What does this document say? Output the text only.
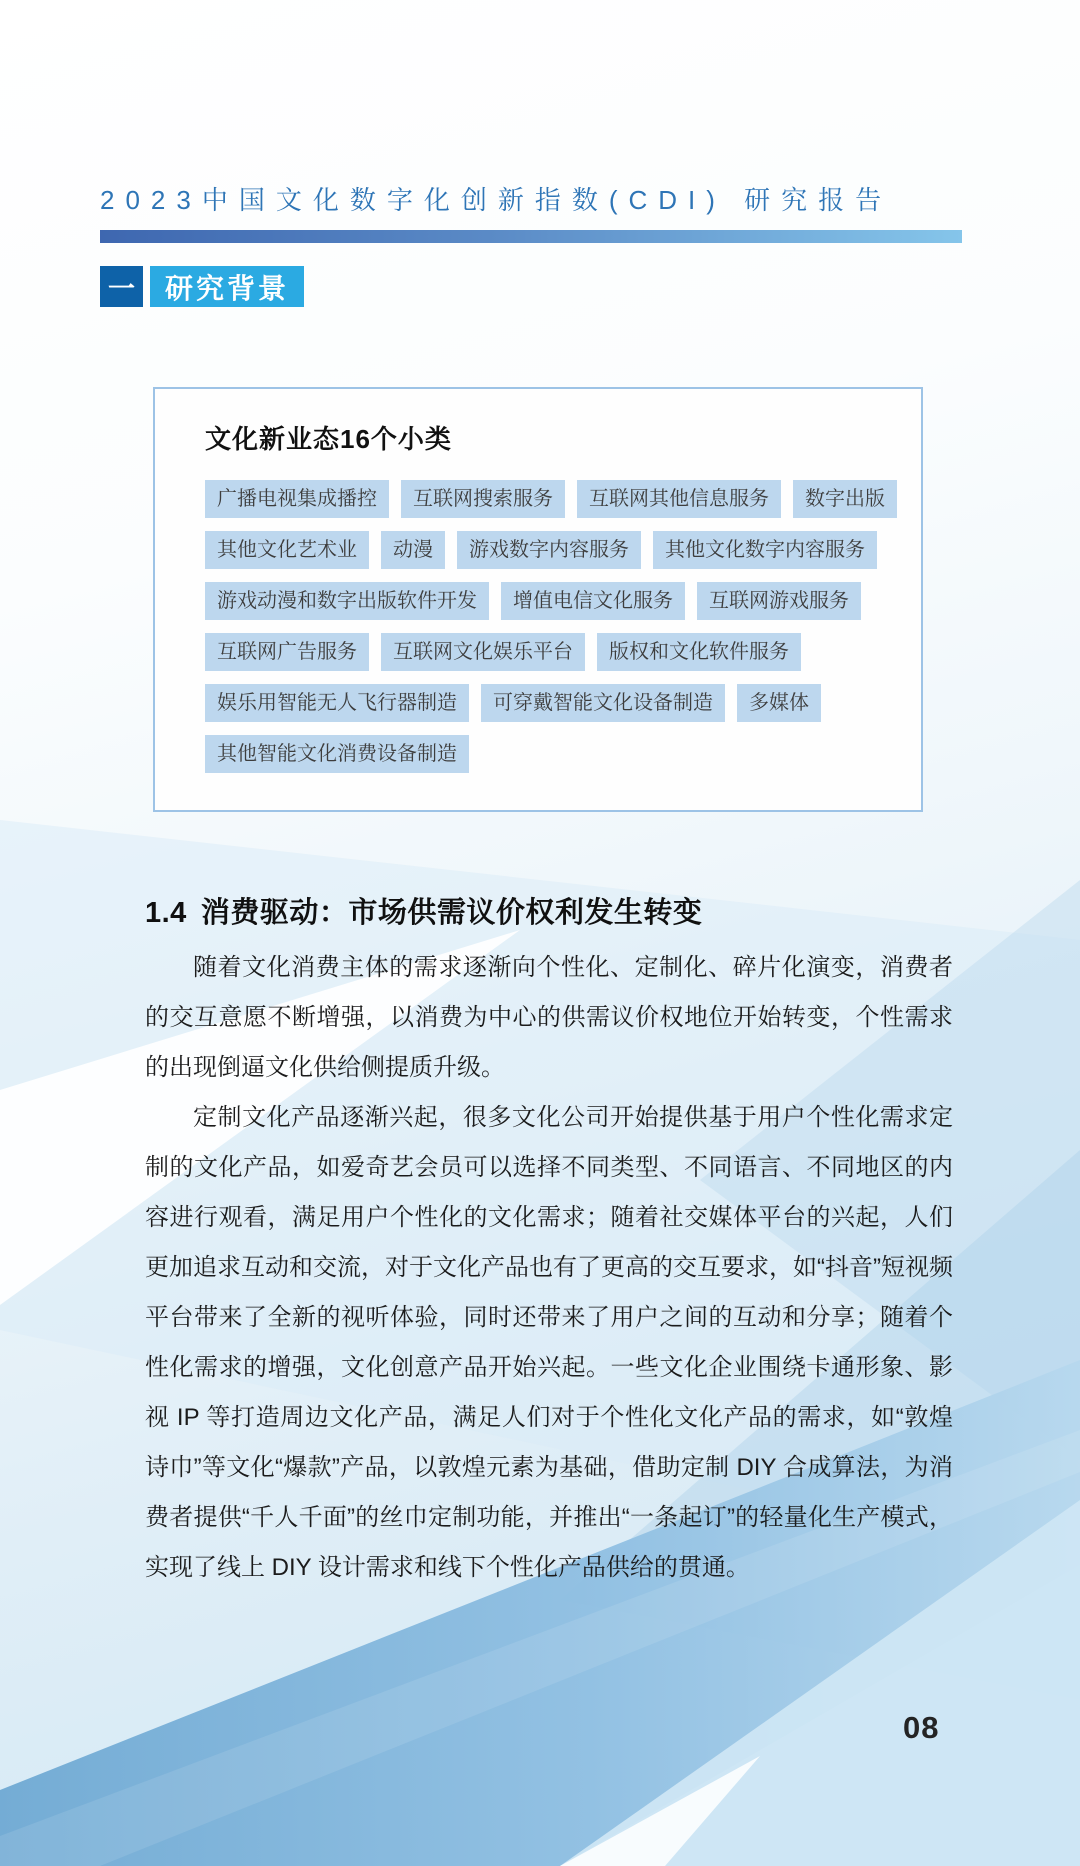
2023中国文化数字化创新指数(CDI) 研究报告
一	研究背景
文化新业态16个小类
广播电视集成播控	互联网搜索服务	互联网其他信息服务	数字出版
其他文化艺术业	动漫	游戏数字内容服务	其他文化数字内容服务
游戏动漫和数字出版软件开发	增值电信文化服务	互联网游戏服务
互联网广告服务	互联网文化娱乐平台	版权和文化软件服务
娱乐用智能无人飞行器制造	可穿戴智能文化设备制造	多媒体
其他智能文化消费设备制造
1.4 消费驱动：市场供需议价权利发生转变

随着文化消费主体的需求逐渐向个性化、定制化、碎片化演变，消费者的交互意愿不断增强，以消费为中心的供需议价权地位开始转变，个性需求的出现倒逼文化供给侧提质升级。

定制文化产品逐渐兴起，很多文化公司开始提供基于用户个性化需求定制的文化产品，如爱奇艺会员可以选择不同类型、不同语言、不同地区的内容进行观看，满足用户个性化的文化需求；随着社交媒体平台的兴起，人们更加追求互动和交流，对于文化产品也有了更高的交互要求，如“抖音”短视频平台带来了全新的视听体验，同时还带来了用户之间的互动和分享；随着个性化需求的增强，文化创意产品开始兴起。一些文化企业围绕卡通形象、影视 IP 等打造周边文化产品，满足人们对于个性化文化产品的需求，如“敦煌诗巾”等文化“爆款”产品，以敦煌元素为基础，借助定制 DIY 合成算法，为消费者提供“千人千面”的丝巾定制功能，并推出“一条起订”的轻量化生产模式，实现了线上 DIY 设计需求和线下个性化产品供给的贯通。

08
